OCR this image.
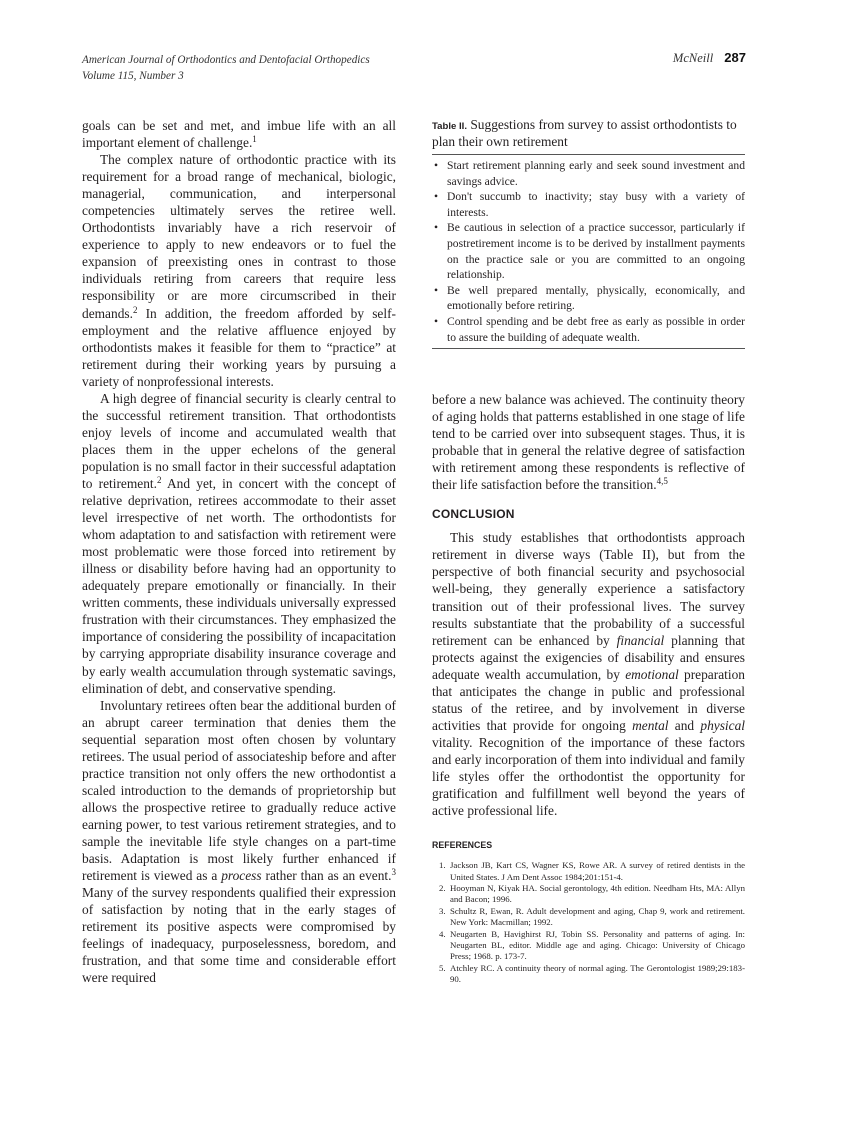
American Journal of Orthodontics and Dentofacial Orthopedics
Volume 115, Number 3
McNeill 287

goals can be set and met, and imbue life with an all important element of challenge.$^1$

The complex nature of orthodontic practice with its requirement for a broad range of mechanical, biologic, managerial, communication, and interpersonal competencies ultimately serves the retiree well. Orthodontists invariably have a rich reservoir of experience to apply to new endeavors or to fuel the expansion of preexisting ones in contrast to those individuals retiring from careers that require less responsibility or are more circumscribed in their demands.$^2$ In addition, the freedom afforded by self-employment and the relative affluence enjoyed by orthodontists makes it feasible for them to “practice” at retirement during their working years by pursuing a variety of nonprofessional interests.

A high degree of financial security is clearly central to the successful retirement transition. That orthodontists enjoy levels of income and accumulated wealth that places them in the upper echelons of the general population is no small factor in their successful adaptation to retirement.$^2$ And yet, in concert with the concept of relative deprivation, retirees accommodate to their asset level irrespective of net worth. The orthodontists for whom adaptation to and satisfaction with retirement were most problematic were those forced into retirement by illness or disability before having had an opportunity to adequately prepare emotionally or financially. In their written comments, these individuals universally expressed frustration with their circumstances. They emphasized the importance of considering the possibility of incapacitation by carrying appropriate disability insurance coverage and by early wealth accumulation through systematic savings, elimination of debt, and conservative spending.

Involuntary retirees often bear the additional burden of an abrupt career termination that denies them the sequential separation most often chosen by voluntary retirees. The usual period of associateship before and after practice transition not only offers the new orthodontist a scaled introduction to the demands of proprietorship but allows the prospective retiree to gradually reduce active earning power, to test various retirement strategies, and to sample the inevitable life style changes on a part-time basis. Adaptation is most likely further enhanced if retirement is viewed as a process rather than as an event.$^3$ Many of the survey respondents qualified their expression of satisfaction by noting that in the early stages of retirement its positive aspects were compromised by feelings of inadequacy, purposelessness, boredom, and frustration, and that some time and considerable effort were required

Table II. Suggestions from survey to assist orthodontists to plan their own retirement
• Start retirement planning early and seek sound investment and savings advice.
• Don't succumb to inactivity; stay busy with a variety of interests.
• Be cautious in selection of a practice successor, particularly if postretirement income is to be derived by installment payments on the practice sale or you are committed to an ongoing relationship.
• Be well prepared mentally, physically, economically, and emotionally before retiring.
• Control spending and be debt free as early as possible in order to assure the building of adequate wealth.

before a new balance was achieved. The continuity theory of aging holds that patterns established in one stage of life tend to be carried over into subsequent stages. Thus, it is probable that in general the relative degree of satisfaction with retirement among these respondents is reflective of their life satisfaction before the transition.$^{4,5}$

CONCLUSION

This study establishes that orthodontists approach retirement in diverse ways (Table II), but from the perspective of both financial security and psychosocial well-being, they generally experience a satisfactory transition out of their professional lives. The survey results substantiate that the probability of a successful retirement can be enhanced by financial planning that protects against the exigencies of disability and ensures adequate wealth accumulation, by emotional preparation that anticipates the change in public and professional status of the retiree, and by involvement in diverse activities that provide for ongoing mental and physical vitality. Recognition of the importance of these factors and early incorporation of them into individual and family life styles offer the orthodontist the opportunity for gratification and fulfillment well beyond the years of active professional life.

REFERENCES
1. Jackson JB, Kart CS, Wagner KS, Rowe AR. A survey of retired dentists in the United States. J Am Dent Assoc 1984;201:151-4.
2. Hooyman N, Kiyak HA. Social gerontology, 4th edition. Needham Hts, MA: Allyn and Bacon; 1996.
3. Schultz R, Ewan, R. Adult development and aging, Chap 9, work and retirement. New York: Macmillan; 1992.
4. Neugarten B, Havighirst RJ, Tobin SS. Personality and patterns of aging. In: Neugarten BL, editor. Middle age and aging. Chicago: University of Chicago Press; 1968. p. 173-7.
5. Atchley RC. A continuity theory of normal aging. The Gerontologist 1989;29:183-90.
